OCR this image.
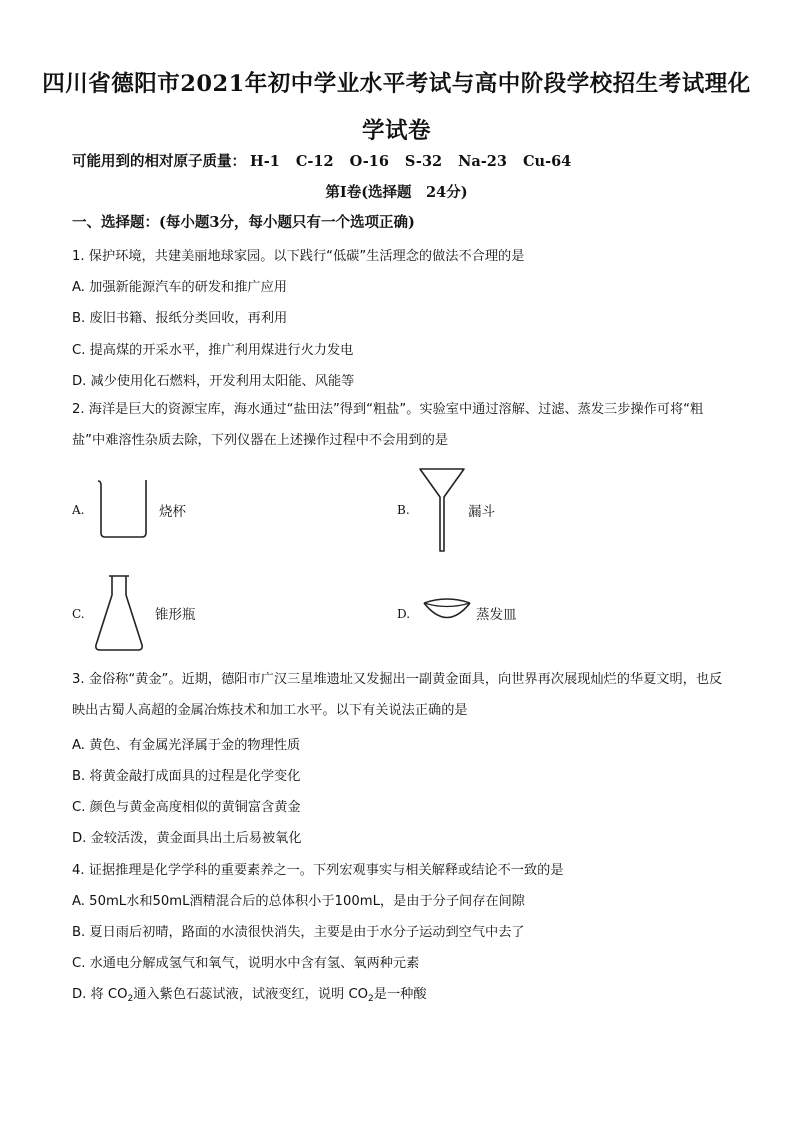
四川省德阳市2021年初中学业水平考试与高中阶段学校招生考试理化
学试卷
可能用到的相对原子质量： H-1 C-12 O-16 S-32 Na-23 Cu-64
第Ⅰ卷(选择题　24分)
一、选择题：(每小题3分，每小题只有一个选项正确)
1. 保护环境，共建美丽地球家园。以下践行“低碳”生活理念的做法不合理的是
A. 加强新能源汽车的研发和推广应用
B. 废旧书籍、报纸分类回收，再利用
C. 提高煤的开采水平，推广利用煤进行火力发电
D. 减少使用化石燃料，开发利用太阳能、风能等
2. 海洋是巨大的资源宝库，海水通过“盐田法”得到“粗盐”。实验室中通过溶解、过滤、蒸发三步操作可将“粗盐”中难溶性杂质去除，下列仪器在上述操作过程中不会用到的是
A.	烧杯	B.	漏斗
C.	锥形瓶	D.	蒸发皿
3. 金俗称“黄金”。近期，德阳市广汉三星堆遗址又发掘出一副黄金面具，向世界再次展现灿烂的华夏文明，也反映出古蜀人高超的金属冶炼技术和加工水平。以下有关说法正确的是
A. 黄色、有金属光泽属于金的物理性质
B. 将黄金敲打成面具的过程是化学变化
C. 颜色与黄金高度相似的黄铜富含黄金
D. 金较活泼，黄金面具出土后易被氧化
4. 证据推理是化学学科的重要素养之一。下列宏观事实与相关解释或结论不一致的是
A. 50mL水和50mL酒精混合后的总体积小于100mL，是由于分子间存在间隙
B. 夏日雨后初晴，路面的水渍很快消失，主要是由于水分子运动到空气中去了
C. 水通电分解成氢气和氧气，说明水中含有氢、氧两种元素
D. 将 $CO_2$通入紫色石蕊试液，试液变红，说明 $CO_2$是一种酸
